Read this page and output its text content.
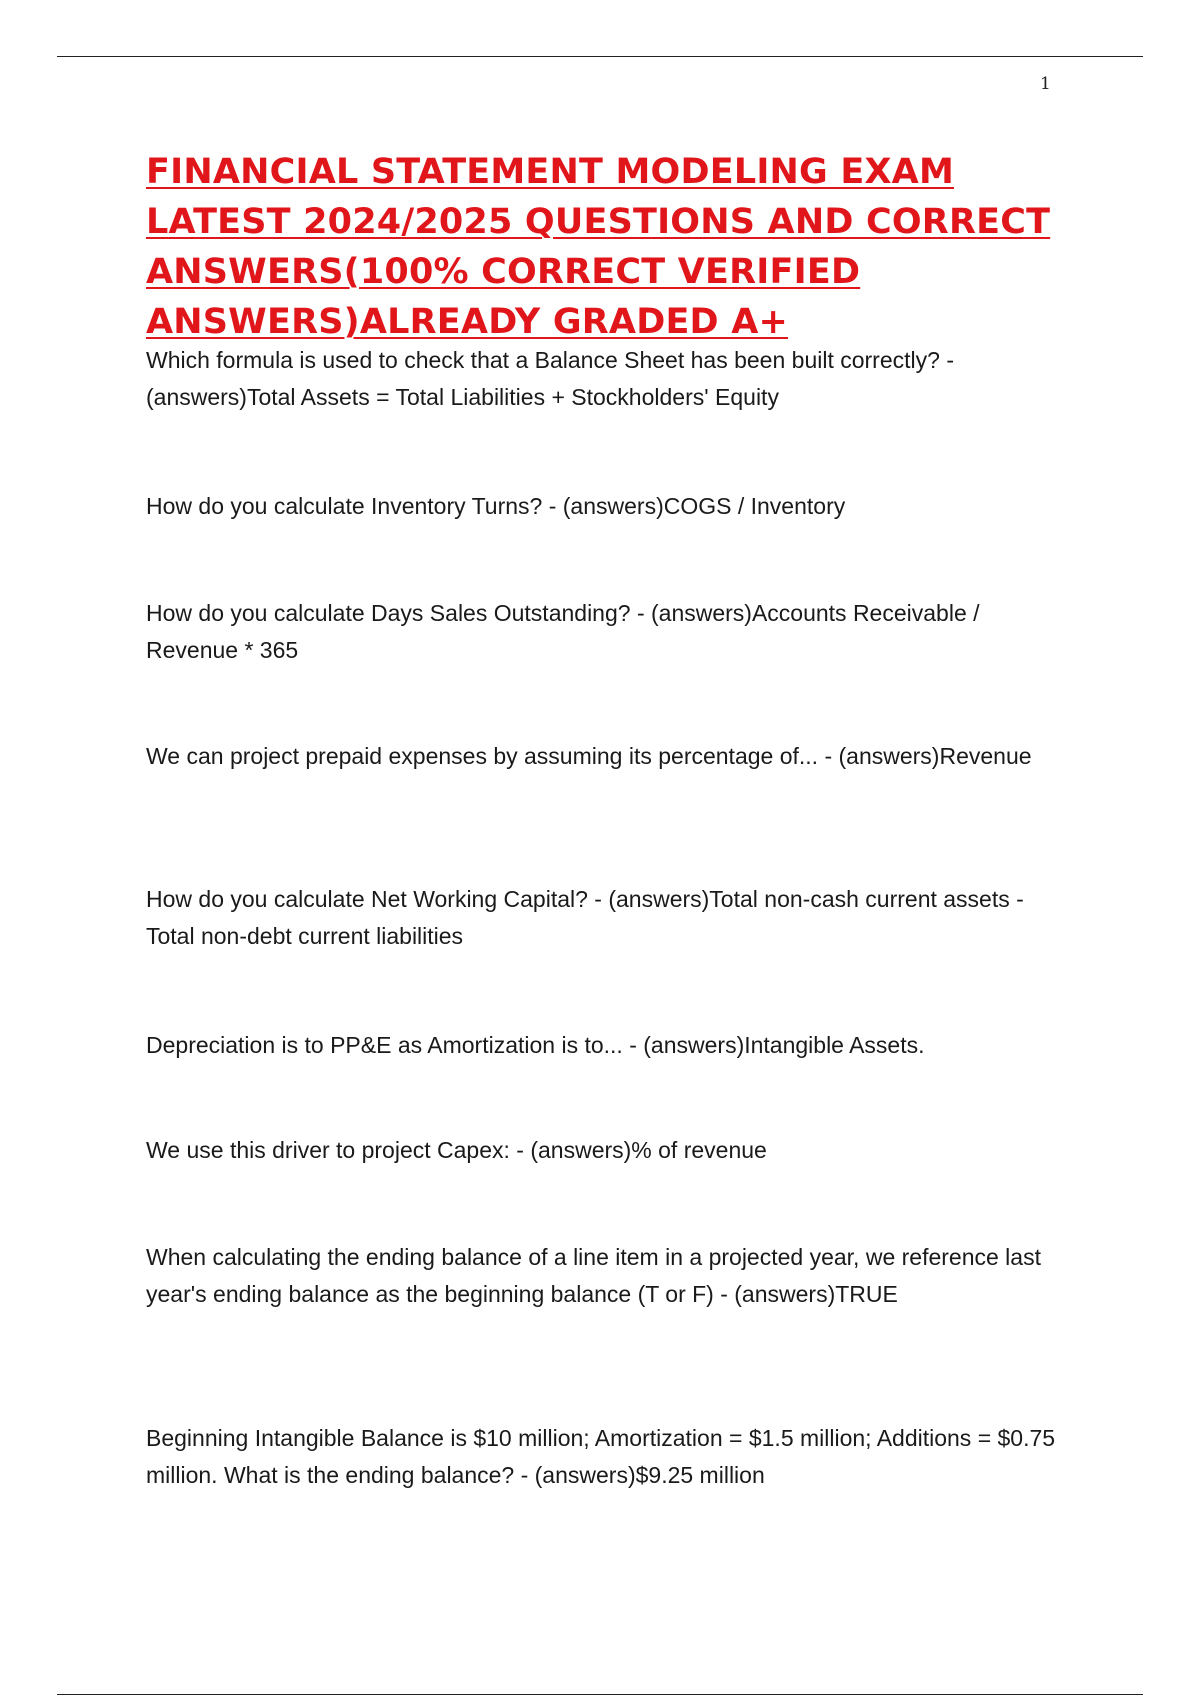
1
FINANCIAL STATEMENT MODELING EXAM LATEST 2024/2025 QUESTIONS AND CORRECT ANSWERS(100% CORRECT VERIFIED ANSWERS)ALREADY GRADED A+

Which formula is used to check that a Balance Sheet has been built correctly? - (answers)Total Assets = Total Liabilities + Stockholders' Equity

How do you calculate Inventory Turns? - (answers)COGS / Inventory

How do you calculate Days Sales Outstanding? - (answers)Accounts Receivable / Revenue * 365

We can project prepaid expenses by assuming its percentage of... - (answers)Revenue

How do you calculate Net Working Capital? - (answers)Total non-cash current assets - Total non-debt current liabilities

Depreciation is to PP&E as Amortization is to... - (answers)Intangible Assets.

We use this driver to project Capex: - (answers)% of revenue

When calculating the ending balance of a line item in a projected year, we reference last year's ending balance as the beginning balance (T or F) - (answers)TRUE

Beginning Intangible Balance is $10 million; Amortization = $1.5 million; Additions = $0.75 million. What is the ending balance? - (answers)$9.25 million
